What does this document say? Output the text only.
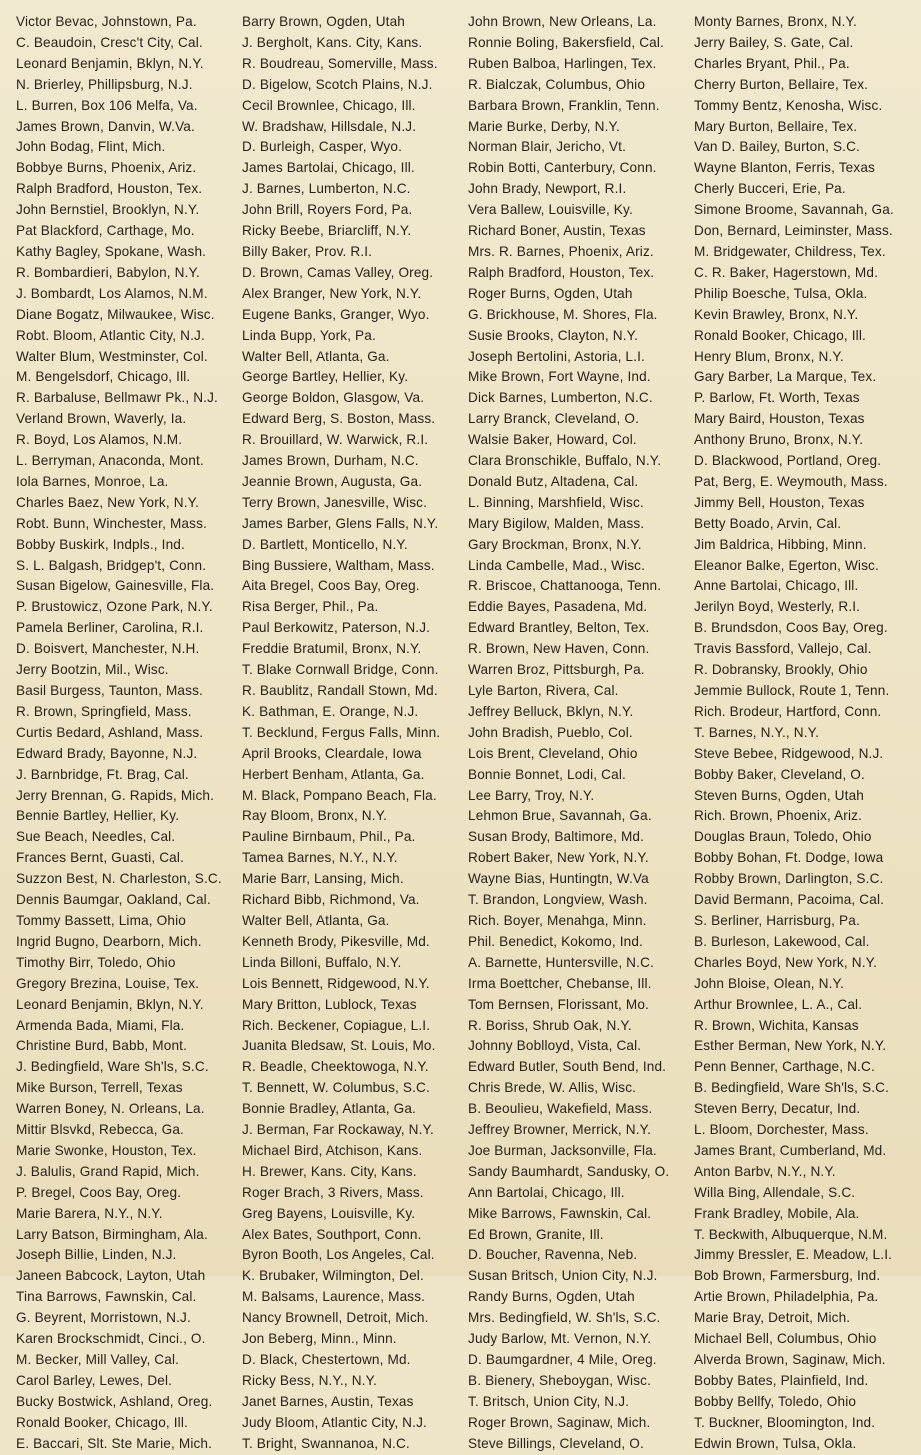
Victor Bevac, Johnstown, Pa.
C. Beaudoin, Cresc't City, Cal.
Leonard Benjamin, Bklyn, N.Y.
N. Brierley, Phillipsburg, N.J.
L. Burren, Box 106 Melfa, Va.
James Brown, Danvin, W.Va.
John Bodag, Flint, Mich.
Bobbye Burns, Phoenix, Ariz.
Ralph Bradford, Houston, Tex.
John Bernstiel, Brooklyn, N.Y.
Pat Blackford, Carthage, Mo.
Kathy Bagley, Spokane, Wash.
R. Bombardieri, Babylon, N.Y.
J. Bombardt, Los Alamos, N.M.
Diane Bogatz, Milwaukee, Wisc.
Robt. Bloom, Atlantic City, N.J.
Walter Blum, Westminster, Col.
M. Bengelsdorf, Chicago, Ill.
R. Barbaluse, Bellmawr Pk., N.J.
Verland Brown, Waverly, Ia.
R. Boyd, Los Alamos, N.M.
L. Berryman, Anaconda, Mont.
Iola Barnes, Monroe, La.
Charles Baez, New York, N.Y.
Robt. Bunn, Winchester, Mass.
Bobby Buskirk, Indpls., Ind.
S. L. Balgash, Bridgep't, Conn.
Susan Bigelow, Gainesville, Fla.
P. Brustowicz, Ozone Park, N.Y.
Pamela Berliner, Carolina, R.I.
D. Boisvert, Manchester, N.H.
Jerry Bootzin, Mil., Wisc.
Basil Burgess, Taunton, Mass.
R. Brown, Springfield, Mass.
Curtis Bedard, Ashland, Mass.
Edward Brady, Bayonne, N.J.
J. Barnbridge, Ft. Brag, Cal.
Jerry Brennan, G. Rapids, Mich.
Bennie Bartley, Hellier, Ky.
Sue Beach, Needles, Cal.
Frances Bernt, Guasti, Cal.
Suzzon Best, N. Charleston, S.C.
Dennis Baumgar, Oakland, Cal.
Tommy Bassett, Lima, Ohio
Ingrid Bugno, Dearborn, Mich.
Timothy Birr, Toledo, Ohio
Gregory Brezina, Louise, Tex.
Leonard Benjamin, Bklyn, N.Y.
Armenda Bada, Miami, Fla.
Christine Burd, Babb, Mont.
J. Bedingfield, Ware Sh'ls, S.C.
Mike Burson, Terrell, Texas
Warren Boney, N. Orleans, La.
Mittir Blsvkd, Rebecca, Ga.
Marie Swonke, Houston, Tex.
J. Balulis, Grand Rapid, Mich.
P. Bregel, Coos Bay, Oreg.
Marie Barera, N.Y., N.Y.
Larry Batson, Birmingham, Ala.
Joseph Billie, Linden, N.J.
Janeen Babcock, Layton, Utah
Tina Barrows, Fawnskin, Cal.
G. Beyrent, Morristown, N.J.
Karen Brockschmidt, Cinci., O.
M. Becker, Mill Valley, Cal.
Carol Barley, Lewes, Del.
Bucky Bostwick, Ashland, Oreg.
Ronald Booker, Chicago, Ill.
E. Baccari, Slt. Ste Marie, Mich.
Barry Brown, Ogden, Utah
J. Bergholt, Kans. City, Kans.
R. Boudreau, Somerville, Mass.
D. Bigelow, Scotch Plains, N.J.
Cecil Brownlee, Chicago, Ill.
W. Bradshaw, Hillsdale, N.J.
D. Burleigh, Casper, Wyo.
James Bartolai, Chicago, Ill.
J. Barnes, Lumberton, N.C.
John Brill, Royers Ford, Pa.
Ricky Beebe, Briarcliff, N.Y.
Billy Baker, Prov. R.I.
D. Brown, Camas Valley, Oreg.
Alex Branger, New York, N.Y.
Eugene Banks, Granger, Wyo.
Linda Bupp, York, Pa.
Walter Bell, Atlanta, Ga.
George Bartley, Hellier, Ky.
George Boldon, Glasgow, Va.
Edward Berg, S. Boston, Mass.
R. Brouillard, W. Warwick, R.I.
James Brown, Durham, N.C.
Jeannie Brown, Augusta, Ga.
Terry Brown, Janesville, Wisc.
James Barber, Glens Falls, N.Y.
D. Bartlett, Monticello, N.Y.
Bing Bussiere, Waltham, Mass.
Aita Bregel, Coos Bay, Oreg.
Risa Berger, Phil., Pa.
Paul Berkowitz, Paterson, N.J.
Freddie Bratumil, Bronx, N.Y.
T. Blake Cornwall Bridge, Conn.
R. Baublitz, Randall Stown, Md.
K. Bathman, E. Orange, N.J.
T. Becklund, Fergus Falls, Minn.
April Brooks, Cleardale, Iowa
Herbert Benham, Atlanta, Ga.
M. Black, Pompano Beach, Fla.
Ray Bloom, Bronx, N.Y.
Pauline Birnbaum, Phil., Pa.
Tamea Barnes, N.Y., N.Y.
Marie Barr, Lansing, Mich.
Richard Bibb, Richmond, Va.
Walter Bell, Atlanta, Ga.
Kenneth Brody, Pikesville, Md.
Linda Billoni, Buffalo, N.Y.
Lois Bennett, Ridgewood, N.Y.
Mary Britton, Lublock, Texas
Rich. Beckener, Copiague, L.I.
Juanita Bledsaw, St. Louis, Mo.
R. Beadle, Cheektowoga, N.Y.
T. Bennett, W. Columbus, S.C.
Bonnie Bradley, Atlanta, Ga.
J. Berman, Far Rockaway, N.Y.
Michael Bird, Atchison, Kans.
H. Brewer, Kans. City, Kans.
Roger Brach, 3 Rivers, Mass.
Greg Bayens, Louisville, Ky.
Alex Bates, Southport, Conn.
Byron Booth, Los Angeles, Cal.
K. Brubaker, Wilmington, Del.
M. Balsams, Laurence, Mass.
Nancy Brownell, Detroit, Mich.
Jon Beberg, Minn., Minn.
D. Black, Chestertown, Md.
Ricky Bess, N.Y., N.Y.
Janet Barnes, Austin, Texas
Judy Bloom, Atlantic City, N.J.
T. Bright, Swannanoa, N.C.
John Brown, New Orleans, La.
Ronnie Boling, Bakersfield, Cal.
Ruben Balboa, Harlingen, Tex.
R. Bialczak, Columbus, Ohio
Barbara Brown, Franklin, Tenn.
Marie Burke, Derby, N.Y.
Norman Blair, Jericho, Vt.
Robin Botti, Canterbury, Conn.
John Brady, Newport, R.I.
Vera Ballew, Louisville, Ky.
Richard Boner, Austin, Texas
Mrs. R. Barnes, Phoenix, Ariz.
Ralph Bradford, Houston, Tex.
Roger Burns, Ogden, Utah
G. Brickhouse, M. Shores, Fla.
Susie Brooks, Clayton, N.Y.
Joseph Bertolini, Astoria, L.I.
Mike Brown, Fort Wayne, Ind.
Dick Barnes, Lumberton, N.C.
Larry Branck, Cleveland, O.
Walsie Baker, Howard, Col.
Clara Bronschikle, Buffalo, N.Y.
Donald Butz, Altadena, Cal.
L. Binning, Marshfield, Wisc.
Mary Bigilow, Malden, Mass.
Gary Brockman, Bronx, N.Y.
Linda Cambelle, Mad., Wisc.
R. Briscoe, Chattanooga, Tenn.
Eddie Bayes, Pasadena, Md.
Edward Brantley, Belton, Tex.
R. Brown, New Haven, Conn.
Warren Broz, Pittsburgh, Pa.
Lyle Barton, Rivera, Cal.
Jeffrey Belluck, Bklyn, N.Y.
John Bradish, Pueblo, Col.
Lois Brent, Cleveland, Ohio
Bonnie Bonnet, Lodi, Cal.
Lee Barry, Troy, N.Y.
Lehmon Brue, Savannah, Ga.
Susan Brody, Baltimore, Md.
Robert Baker, New York, N.Y.
Wayne Bias, Huntingtn, W.Va
T. Brandon, Longview, Wash.
Rich. Boyer, Menahga, Minn.
Phil. Benedict, Kokomo, Ind.
A. Barnette, Huntersville, N.C.
Irma Boettcher, Chebanse, Ill.
Tom Bernsen, Florissant, Mo.
R. Boriss, Shrub Oak, N.Y.
Johnny Boblloyd, Vista, Cal.
Edward Butler, South Bend, Ind.
Chris Brede, W. Allis, Wisc.
B. Beoulieu, Wakefield, Mass.
Jeffrey Browner, Merrick, N.Y.
Joe Burman, Jacksonville, Fla.
Sandy Baumhardt, Sandusky, O.
Ann Bartolai, Chicago, Ill.
Mike Barrows, Fawnskin, Cal.
Ed Brown, Granite, Ill.
D. Boucher, Ravenna, Neb.
Susan Britsch, Union City, N.J.
Randy Burns, Ogden, Utah
Mrs. Bedingfield, W. Sh'ls, S.C.
Judy Barlow, Mt. Vernon, N.Y.
D. Baumgardner, 4 Mile, Oreg.
B. Bienery, Sheboygan, Wisc.
T. Britsch, Union City, N.J.
Roger Brown, Saginaw, Mich.
Steve Billings, Cleveland, O.
Monty Barnes, Bronx, N.Y.
Jerry Bailey, S. Gate, Cal.
Charles Bryant, Phil., Pa.
Cherry Burton, Bellaire, Tex.
Tommy Bentz, Kenosha, Wisc.
Mary Burton, Bellaire, Tex.
Van D. Bailey, Burton, S.C.
Wayne Blanton, Ferris, Texas
Cherly Bucceri, Erie, Pa.
Simone Broome, Savannah, Ga.
Don, Bernard, Leiminster, Mass.
M. Bridgewater, Childress, Tex.
C. R. Baker, Hagerstown, Md.
Philip Boesche, Tulsa, Okla.
Kevin Brawley, Bronx, N.Y.
Ronald Booker, Chicago, Ill.
Henry Blum, Bronx, N.Y.
Gary Barber, La Marque, Tex.
P. Barlow, Ft. Worth, Texas
Mary Baird, Houston, Texas
Anthony Bruno, Bronx, N.Y.
D. Blackwood, Portland, Oreg.
Pat, Berg, E. Weymouth, Mass.
Jimmy Bell, Houston, Texas
Betty Boado, Arvin, Cal.
Jim Baldrica, Hibbing, Minn.
Eleanor Balke, Egerton, Wisc.
Anne Bartolai, Chicago, Ill.
Jerilyn Boyd, Westerly, R.I.
B. Brundsdon, Coos Bay, Oreg.
Travis Bassford, Vallejo, Cal.
R. Dobransky, Brookly, Ohio
Jemmie Bullock, Route 1, Tenn.
Rich. Brodeur, Hartford, Conn.
T. Barnes, N.Y., N.Y.
Steve Bebee, Ridgewood, N.J.
Bobby Baker, Cleveland, O.
Steven Burns, Ogden, Utah
Rich. Brown, Phoenix, Ariz.
Douglas Braun, Toledo, Ohio
Bobby Bohan, Ft. Dodge, Iowa
Robby Brown, Darlington, S.C.
David Bermann, Pacoima, Cal.
S. Berliner, Harrisburg, Pa.
B. Burleson, Lakewood, Cal.
Charles Boyd, New York, N.Y.
John Bloise, Olean, N.Y.
Arthur Brownlee, L. A., Cal.
R. Brown, Wichita, Kansas
Esther Berman, New York, N.Y.
Penn Benner, Carthage, N.C.
B. Bedingfield, Ware Sh'ls, S.C.
Steven Berry, Decatur, Ind.
L. Bloom, Dorchester, Mass.
James Brant, Cumberland, Md.
Anton Barbv, N.Y., N.Y.
Willa Bing, Allendale, S.C.
Frank Bradley, Mobile, Ala.
T. Beckwith, Albuquerque, N.M.
Jimmy Bressler, E. Meadow, L.I.
Bob Brown, Farmersburg, Ind.
Artie Brown, Philadelphia, Pa.
Marie Bray, Detroit, Mich.
Michael Bell, Columbus, Ohio
Alverda Brown, Saginaw, Mich.
Bobby Bates, Plainfield, Ind.
Bobby Bellfy, Toledo, Ohio
T. Buckner, Bloomington, Ind.
Edwin Brown, Tulsa, Okla.
